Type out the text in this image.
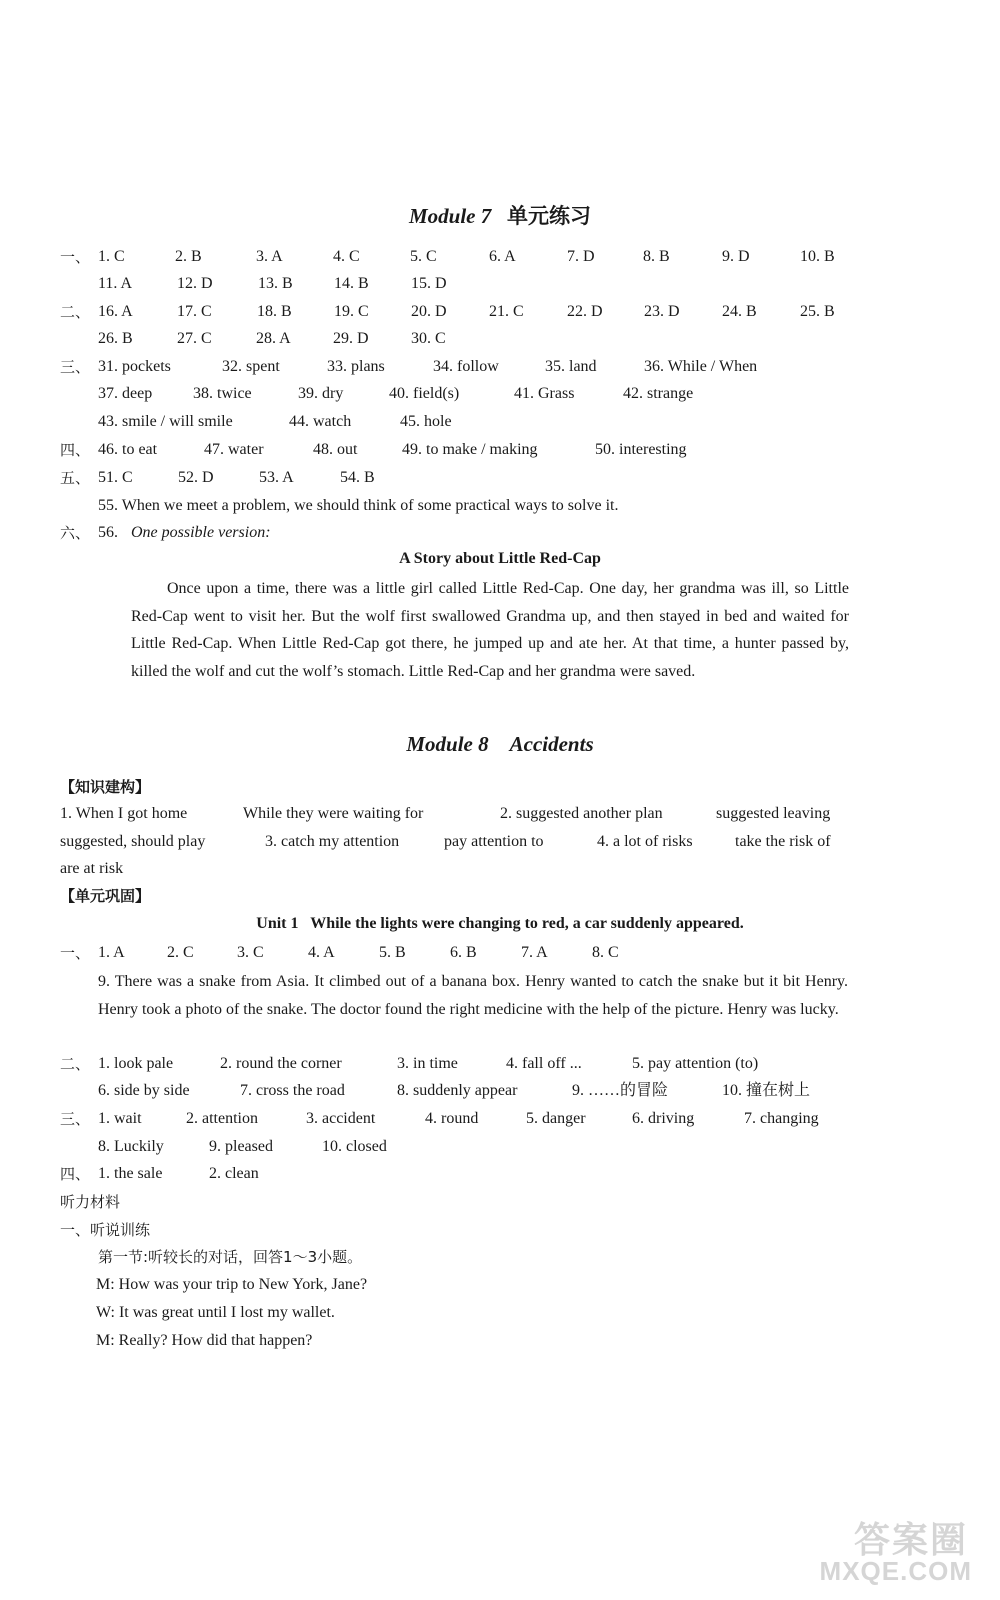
Module 7 单元练习
一、 1. C	2. B	3. A	4. C	5. C	6. A	7. D	8. B	9. D	10. B
11. A	12. D	13. B	14. B	15. D
二、 16. A	17. C	18. B	19. C	20. D	21. C	22. D	23. D	24. B	25. B
26. B	27. C	28. A	29. D	30. C
三、 31. pockets	32. spent	33. plans	34. follow	35. land	36. While / When
37. deep	38. twice	39. dry	40. field(s)	41. Grass	42. strange
43. smile / will smile	44. watch	45. hole
四、 46. to eat	47. water	48. out	49. to make / making	50. interesting
五、 51. C	52. D	53. A	54. B
55. When we meet a problem, we should think of some practical ways to solve it.
六、 56. One possible version:
A Story about Little Red-Cap
Once upon a time, there was a little girl called Little Red-Cap. One day, her grandma was ill, so Little Red-Cap went to visit her. But the wolf first swallowed Grandma up, and then stayed in bed and waited for Little Red-Cap. When Little Red-Cap got there, he jumped up and ate her. At that time, a hunter passed by, killed the wolf and cut the wolf’s stomach. Little Red-Cap and her grandma were saved.
Module 8 Accidents
【知识建构】
1. When I got home	While they were waiting for	2. suggested another plan	suggested leaving
suggested, should play	3. catch my attention	pay attention to	4. a lot of risks	take the risk of
are at risk
【单元巩固】
Unit 1   While the lights were changing to red, a car suddenly appeared.
一、 1. A	2. C	3. C	4. A	5. B	6. B	7. A	8. C
9. There was a snake from Asia. It climbed out of a banana box. Henry wanted to catch the snake but it bit Henry. Henry took a photo of the snake. The doctor found the right medicine with the help of the picture. Henry was lucky.
二、 1. look pale	2. round the corner	3. in time	4. fall off ...	5. pay attention (to)
6. side by side	7. cross the road	8. suddenly appear	9. ……的冒险	10. 撞在树上
三、 1. wait	2. attention	3. accident	4. round	5. danger	6. driving	7. changing
8. Luckily	9. pleased	10. closed
四、 1. the sale	2. clean
听力材料
一、听说训练
第一节:听较长的对话，回答1～3小题。
M: How was your trip to New York, Jane?
W: It was great until I lost my wallet.
M: Really? How did that happen?
答案圈
MXQE.COM
